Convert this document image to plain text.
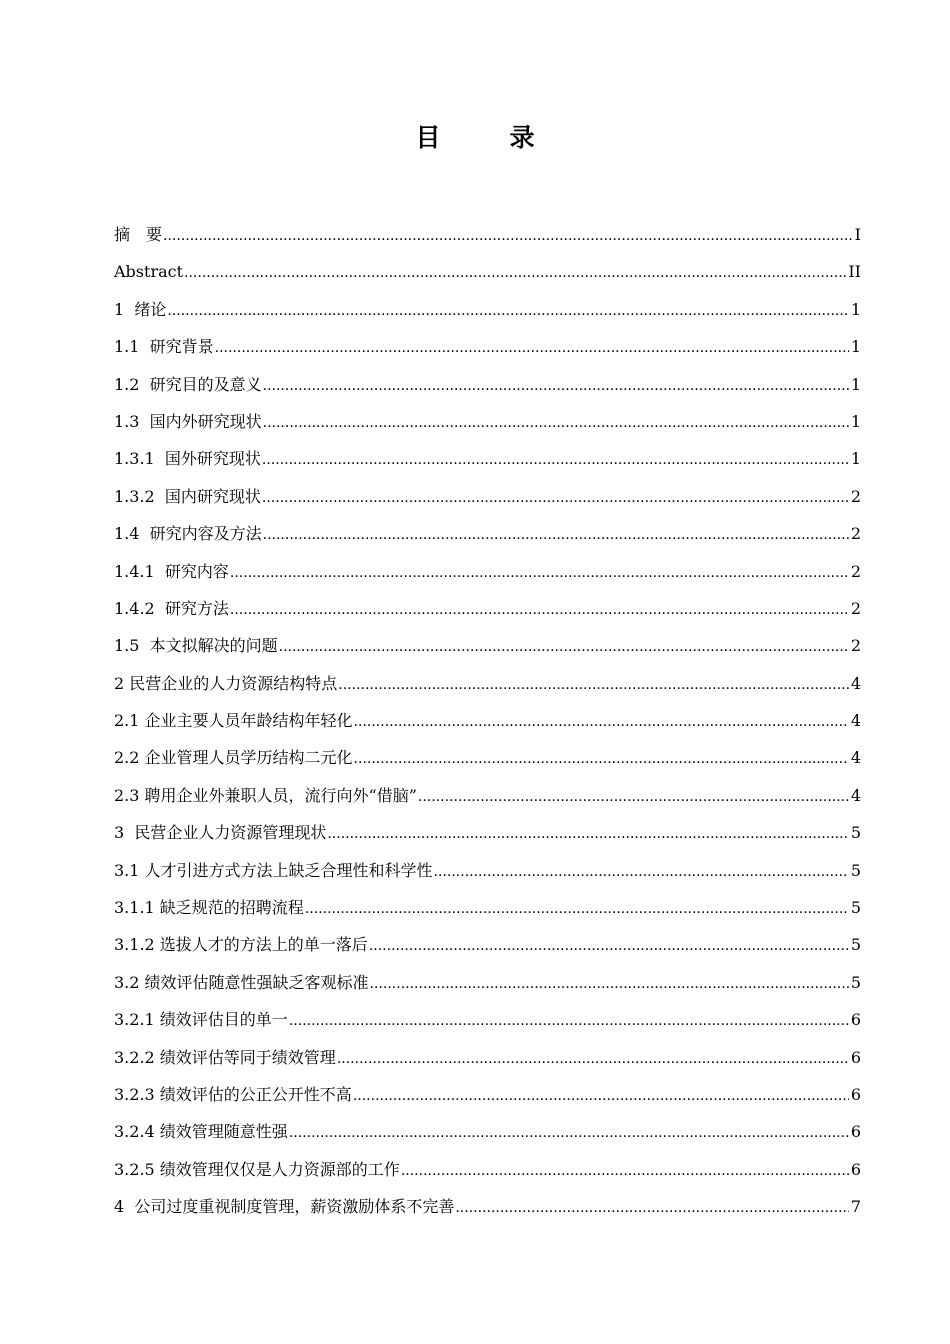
目　录
摘　要 .....	I
Abstract .....	II
1  绪论 .....	1
1.1  研究背景 .....	1
1.2  研究目的及意义 .....	1
1.3  国内外研究现状 .....	1
1.3.1  国外研究现状 .....	1
1.3.2  国内研究现状 .....	2
1.4  研究内容及方法 .....	2
1.4.1  研究内容 .....	2
1.4.2  研究方法 .....	2
1.5  本文拟解决的问题 .....	2
2 民营企业的人力资源结构特点 .....	4
2.1 企业主要人员年龄结构年轻化 .....	4
2.2 企业管理人员学历结构二元化 .....	4
2.3 聘用企业外兼职人员，流行向外“借脑” .....	4
3  民营企业人力资源管理现状 .....	5
3.1 人才引进方式方法上缺乏合理性和科学性 .....	5
3.1.1 缺乏规范的招聘流程 .....	5
3.1.2 选拔人才的方法上的单一落后 .....	5
3.2 绩效评估随意性强缺乏客观标准 .....	5
3.2.1 绩效评估目的单一 .....	6
3.2.2 绩效评估等同于绩效管理 .....	6
3.2.3 绩效评估的公正公开性不高 .....	6
3.2.4 绩效管理随意性强 .....	6
3.2.5 绩效管理仅仅是人力资源部的工作 .....	6
4  公司过度重视制度管理，薪资激励体系不完善 .....	7
